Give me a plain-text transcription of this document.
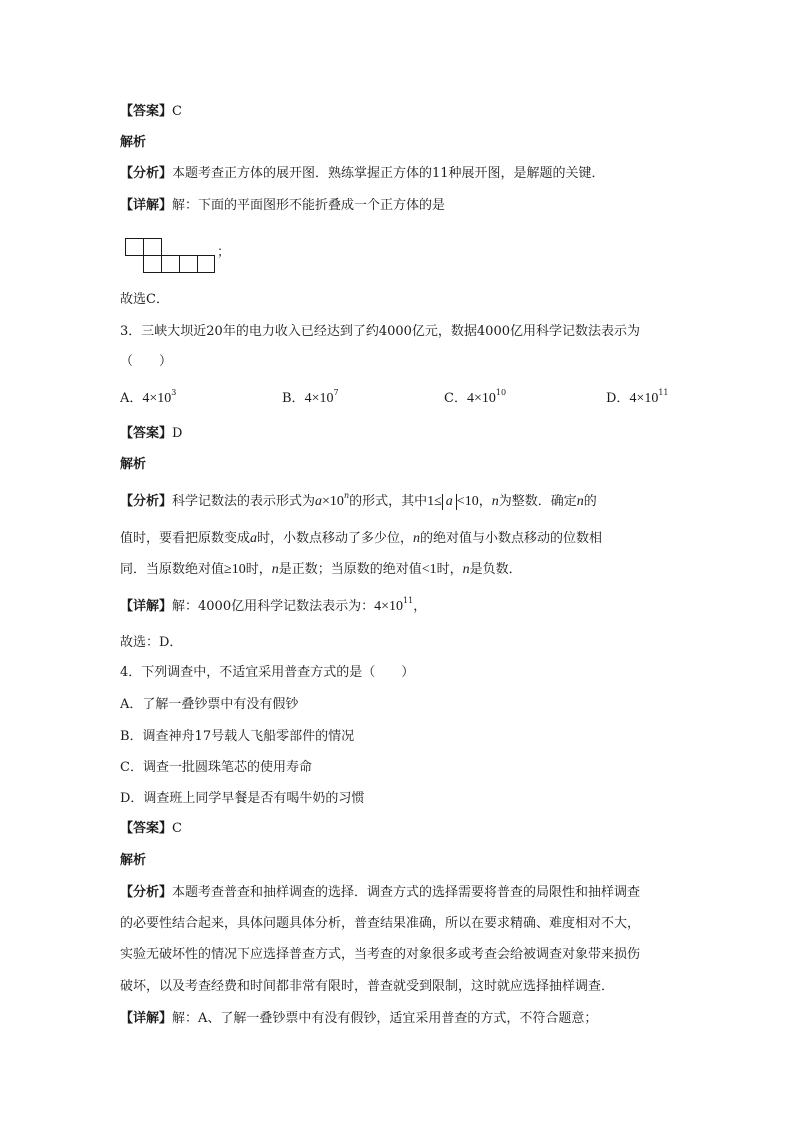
【答案】C
解析
【分析】本题考查正方体的展开图．熟练掌握正方体的11种展开图，是解题的关键．
【详解】解：下面的平面图形不能折叠成一个正方体的是
；
故选C．
3．三峡大坝近20年的电力收入已经达到了约4000亿元，数据4000亿用科学记数法表示为
（　　）
A．$4\times 10^3$	B．$4\times 10^7$	C．$4\times 10^{10}$	D．$4\times 10^{11}$
【答案】D
解析
【分析】科学记数法的表示形式为$a\times 10^n$的形式，其中1≤ a <10，n为整数．确定n的
值时，要看把原数变成a时，小数点移动了多少位，n的绝对值与小数点移动的位数相
同．当原数绝对值≥10时，n是正数；当原数的绝对值<1时，n是负数．
【详解】解：4000亿用科学记数法表示为：$4\times 10^{11}$，
故选：D．
4．下列调查中，不适宜采用普查方式的是（　　）
A．了解一叠钞票中有没有假钞
B．调查神舟17号载人飞船零部件的情况
C．调查一批圆珠笔芯的使用寿命
D．调查班上同学早餐是否有喝牛奶的习惯
【答案】C
解析
【分析】本题考查普查和抽样调查的选择．调查方式的选择需要将普查的局限性和抽样调查
的必要性结合起来，具体问题具体分析，普查结果准确，所以在要求精确、难度相对不大，
实验无破坏性的情况下应选择普查方式，当考查的对象很多或考查会给被调查对象带来损伤
破坏，以及考查经费和时间都非常有限时，普查就受到限制，这时就应选择抽样调查．
【详解】解：A、了解一叠钞票中有没有假钞，适宜采用普查的方式，不符合题意；
